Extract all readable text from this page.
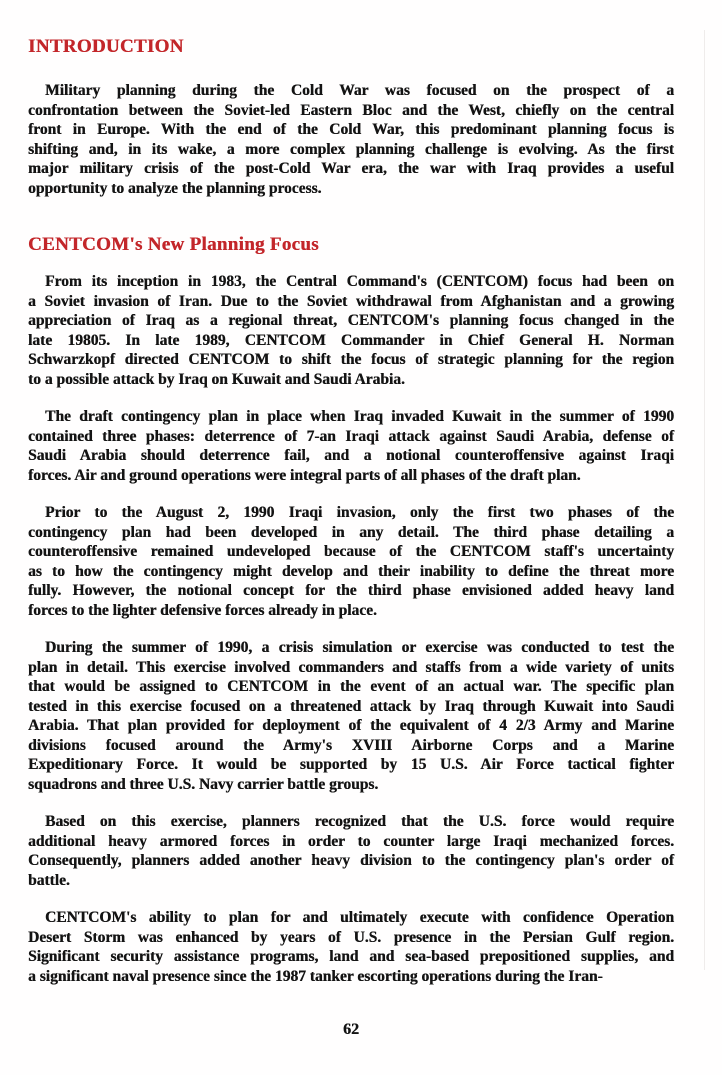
INTRODUCTION
Military planning during the Cold War was focused on the prospect of a
confrontation between the Soviet-led Eastern Bloc and the West, chiefly on the central
front in Europe. With the end of the Cold War, this predominant planning focus is
shifting and, in its wake, a more complex planning challenge is evolving. As the first
major military crisis of the post-Cold War era, the war with Iraq provides a useful
opportunity to analyze the planning process.
CENTCOM's New Planning Focus
From its inception in 1983, the Central Command's (CENTCOM) focus had been on
a Soviet invasion of Iran. Due to the Soviet withdrawal from Afghanistan and a growing
appreciation of Iraq as a regional threat, CENTCOM's planning focus changed in the
late 19805. In late 1989, CENTCOM Commander in Chief General H. Norman
Schwarzkopf directed CENTCOM to shift the focus of strategic planning for the region
to a possible attack by Iraq on Kuwait and Saudi Arabia.
The draft contingency plan in place when Iraq invaded Kuwait in the summer of 1990
contained three phases: deterrence of 7-an Iraqi attack against Saudi Arabia, defense of
Saudi Arabia should deterrence fail, and a notional counteroffensive against Iraqi
forces. Air and ground operations were integral parts of all phases of the draft plan.
Prior to the August 2, 1990 Iraqi invasion, only the first two phases of the
contingency plan had been developed in any detail. The third phase detailing a
counteroffensive remained undeveloped because of the CENTCOM staff's uncertainty
as to how the contingency might develop and their inability to define the threat more
fully. However, the notional concept for the third phase envisioned added heavy land
forces to the lighter defensive forces already in place.
During the summer of 1990, a crisis simulation or exercise was conducted to test the
plan in detail. This exercise involved commanders and staffs from a wide variety of units
that would be assigned to CENTCOM in the event of an actual war. The specific plan
tested in this exercise focused on a threatened attack by Iraq through Kuwait into Saudi
Arabia. That plan provided for deployment of the equivalent of 4 2/3 Army and Marine
divisions focused around the Army's XVIII Airborne Corps and a Marine
Expeditionary Force. It would be supported by 15 U.S. Air Force tactical fighter
squadrons and three U.S. Navy carrier battle groups.
Based on this exercise, planners recognized that the U.S. force would require
additional heavy armored forces in order to counter large Iraqi mechanized forces.
Consequently, planners added another heavy division to the contingency plan's order of
battle.
CENTCOM's ability to plan for and ultimately execute with confidence Operation
Desert Storm was enhanced by years of U.S. presence in the Persian Gulf region.
Significant security assistance programs, land and sea-based prepositioned supplies, and
a significant naval presence since the 1987 tanker escorting operations during the Iran-
62
